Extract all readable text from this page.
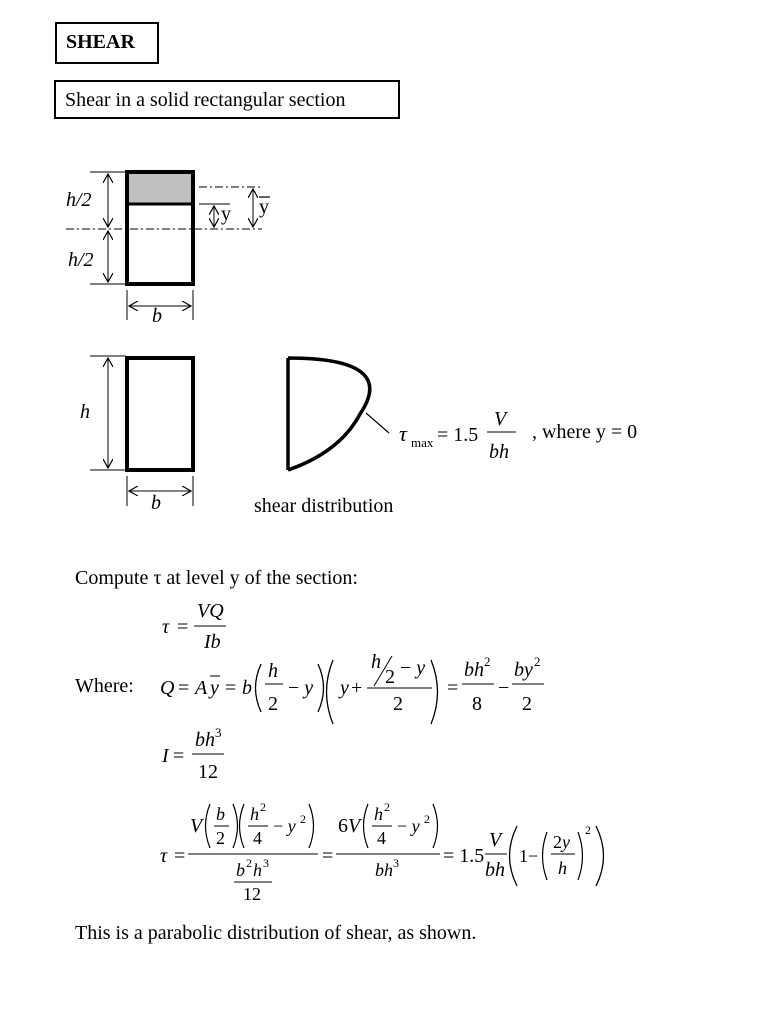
SHEAR
Shear in a solid rectangular section
h/2
h/2
b
y y
h
b
τ max = 1.5
V
bh
, where y = 0
shear distribution
Compute τ at level y of the section:
τ =
VQ
Ib
Where: Q = A y = b
h
2
− y y +
h
2 − y
2
=
bh 2
8
−
by 2
2
I =
bh 3
12
τ =
V
b
2
h 2
4
− y 2
b 2 h 3
12
=
6V
h 2
4
− y 2
bh 3 = 1.5
V
bh
1−
2y
h
2
This is a parabolic distribution of shear, as shown.
